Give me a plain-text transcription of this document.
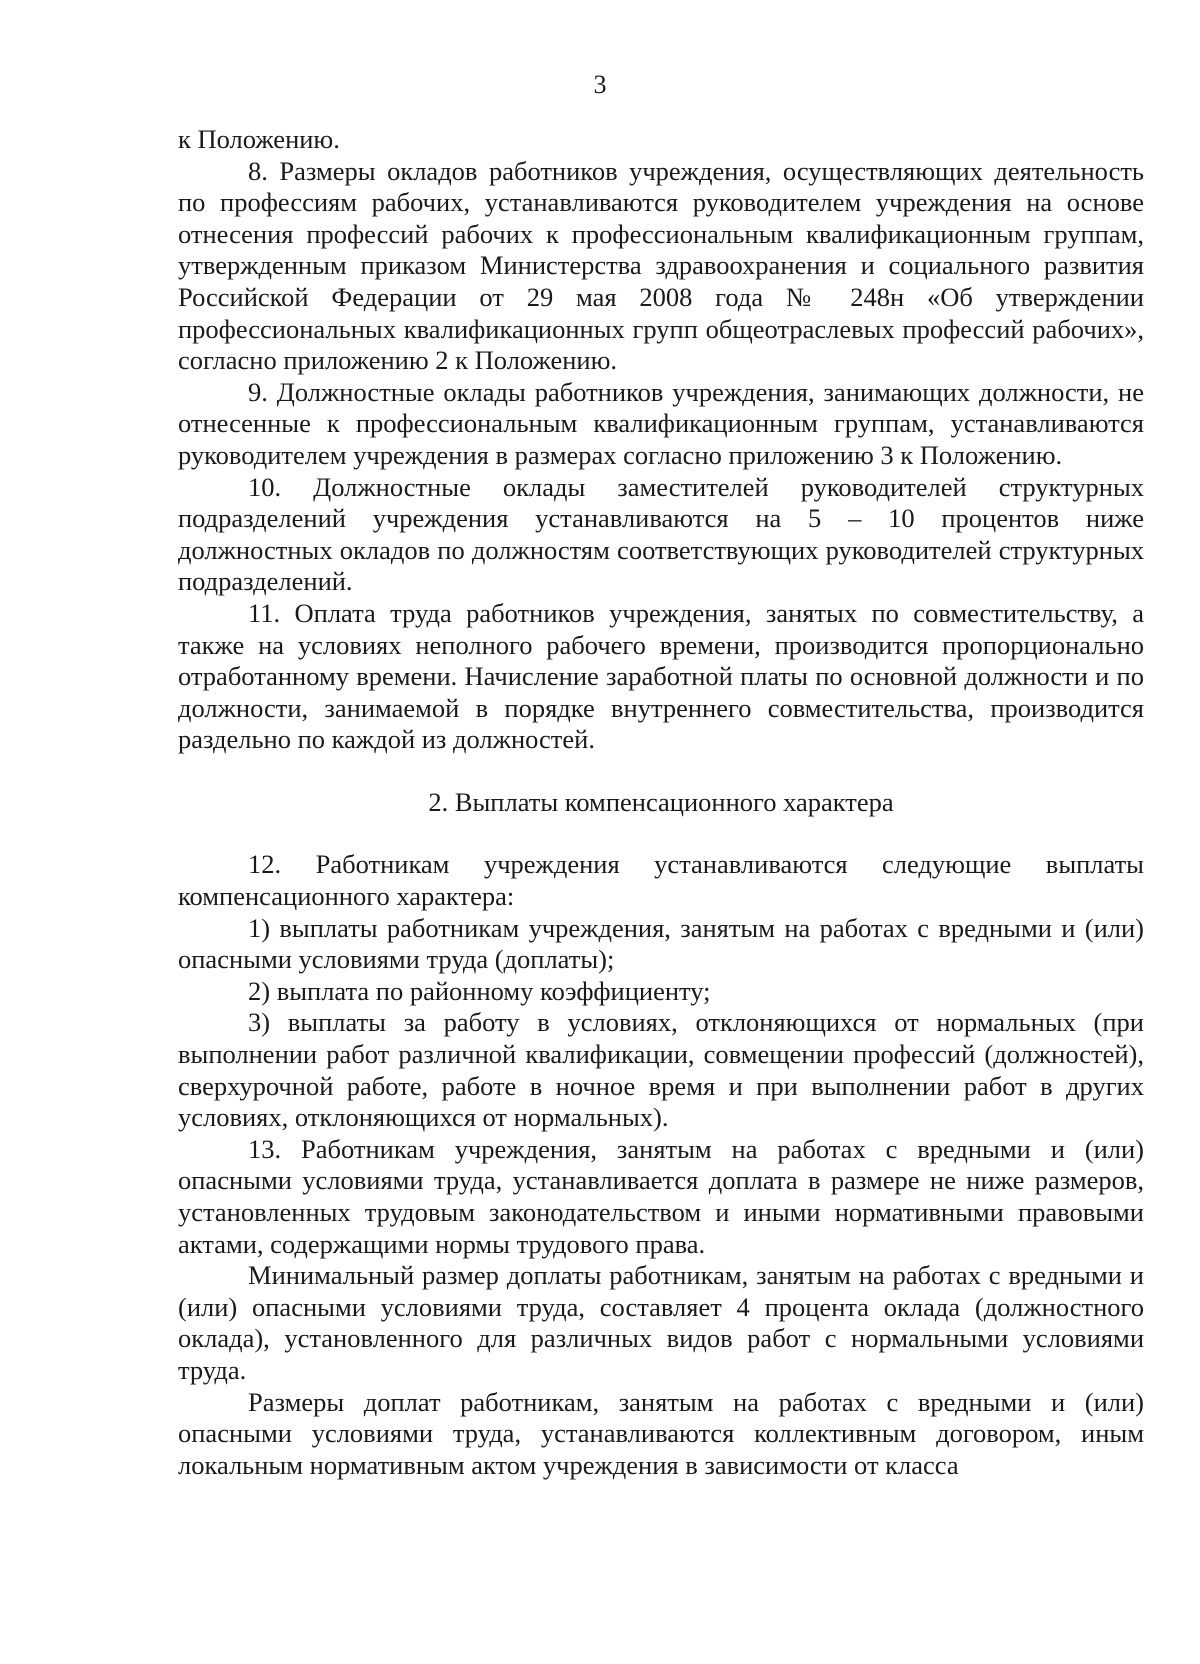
3

к Положению.

8. Размеры окладов работников учреждения, осуществляющих деятельность по профессиям рабочих, устанавливаются руководителем учреждения на основе отнесения профессий рабочих к профессиональным квалификационным группам, утвержденным приказом Министерства здравоохранения и социального развития Российской Федерации от 29 мая 2008 года № 248н «Об утверждении профессиональных квалификационных групп общеотраслевых профессий рабочих», согласно приложению 2 к Положению.

9. Должностные оклады работников учреждения, занимающих должности, не отнесенные к профессиональным квалификационным группам, устанавливаются руководителем учреждения в размерах согласно приложению 3 к Положению.

10. Должностные оклады заместителей руководителей структурных подразделений учреждения устанавливаются на 5 – 10 процентов ниже должностных окладов по должностям соответствующих руководителей структурных подразделений.

11. Оплата труда работников учреждения, занятых по совместительству, а также на условиях неполного рабочего времени, производится пропорционально отработанному времени. Начисление заработной платы по основной должности и по должности, занимаемой в порядке внутреннего совместительства, производится раздельно по каждой из должностей.

2. Выплаты компенсационного характера

12. Работникам учреждения устанавливаются следующие выплаты компенсационного характера:

1) выплаты работникам учреждения, занятым на работах с вредными и (или) опасными условиями труда (доплаты);

2) выплата по районному коэффициенту;

3) выплаты за работу в условиях, отклоняющихся от нормальных (при выполнении работ различной квалификации, совмещении профессий (должностей), сверхурочной работе, работе в ночное время и при выполнении работ в других условиях, отклоняющихся от нормальных).

13. Работникам учреждения, занятым на работах с вредными и (или) опасными условиями труда, устанавливается доплата в размере не ниже размеров, установленных трудовым законодательством и иными нормативными правовыми актами, содержащими нормы трудового права.

Минимальный размер доплаты работникам, занятым на работах с вредными и (или) опасными условиями труда, составляет 4 процента оклада (должностного оклада), установленного для различных видов работ с нормальными условиями труда.

Размеры доплат работникам, занятым на работах с вредными и (или) опасными условиями труда, устанавливаются коллективным договором, иным локальным нормативным актом учреждения в зависимости от класса
